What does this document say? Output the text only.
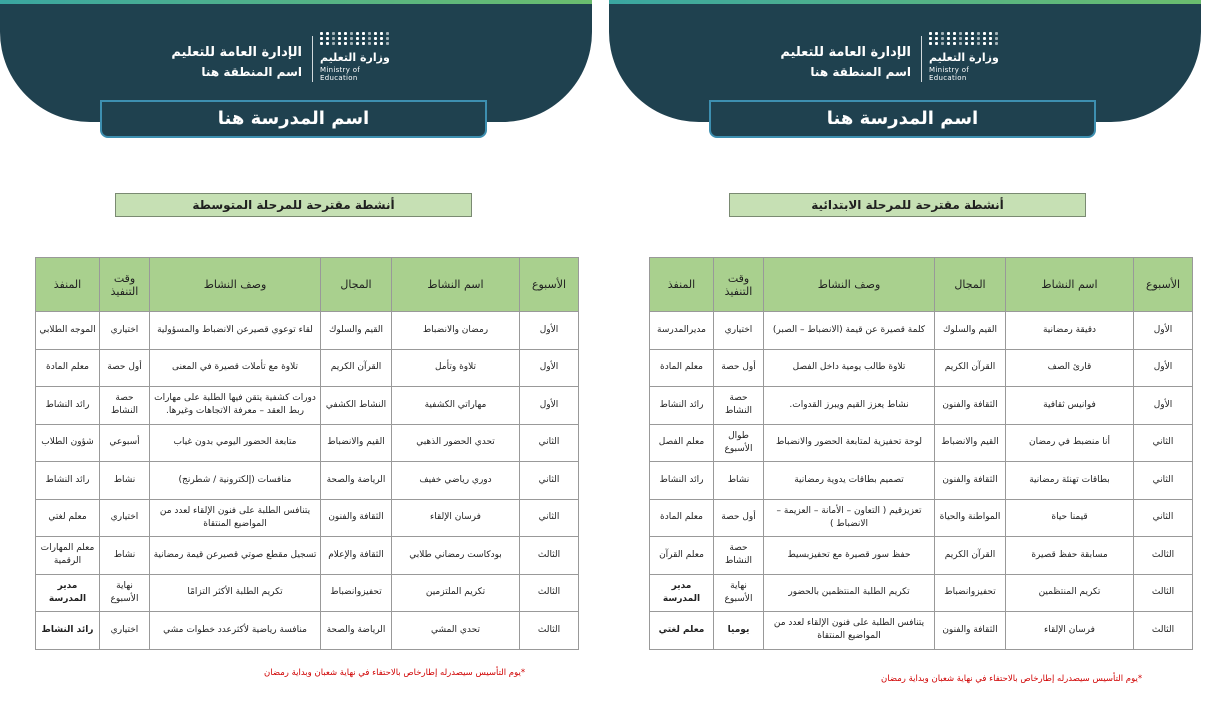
الإدارة العامة للتعليم
اسم المنطقة هنا
وزارة التعليم
Ministry of Education
اسم المدرسة هنا
أنشطة مقترحة للمرحلة المتوسطة
الأسبوع	اسم النشاط	المجال	وصف النشاط	وقت التنفيذ	المنفذ
الأول	رمضان والانضباط	القيم والسلوك	لقاء توعوي قصيرعن الانضباط والمسؤولية	اختياري	الموجه الطلابي
الأول	تلاوة وتأمل	القرآن الكريم	تلاوة مع تأملات قصيرة في المعنى	أول حصة	معلم المادة
الأول	مهاراتي الكشفية	النشاط الكشفي	دورات كشفية يتقن فيها الطلبة على مهارات ربط العقد – معرفة الاتجاهات وغيرها.	حصة النشاط	رائد النشاط
الثاني	تحدي الحضور الذهبي	القيم والانضباط	متابعة الحضور اليومي بدون غياب	أسبوعي	شؤون الطلاب
الثاني	دوري رياضي خفيف	الرياضة والصحة	منافسات (إلكترونية / شطرنج)	نشاط	رائد النشاط
الثاني	فرسان الإلقاء	الثقافة والفنون	يتنافس الطلبة على فنون الإلقاء لعدد من المواضيع المنتقاة	اختياري	معلم لغتي
الثالث	بودكاست رمضاني طلابي	الثقافة والإعلام	تسجيل مقطع صوتي قصيرعن قيمة رمضانية	نشاط	معلم المهارات الرقمية
الثالث	تكريم الملتزمين	تحفيزوانضباط	تكريم الطلبة الأكثر التزامًا	نهاية الأسبوع	مدير المدرسة
الثالث	تحدي المشي	الرياضة والصحة	منافسة رياضية لأكثرعدد خطوات مشي	اختياري	رائد النشاط
*يوم التأسيس سيصدرله إطارخاص بالاحتفاء في نهاية شعبان وبداية رمضان
الإدارة العامة للتعليم
اسم المنطقة هنا
وزارة التعليم
Ministry of Education
اسم المدرسة هنا
أنشطة مقترحة للمرحلة الابتدائية
الأسبوع	اسم النشاط	المجال	وصف النشاط	وقت التنفيذ	المنفذ
الأول	دقيقة رمضانية	القيم والسلوك	كلمة قصيرة عن قيمة (الانضباط – الصبر)	اختياري	مديرالمدرسة
الأول	قارئ الصف	القرآن الكريم	تلاوة طالب يومية داخل الفصل	أول حصة	معلم المادة
الأول	فوانيس ثقافية	الثقافة والفنون	نشاط يعزز القيم ويبرز القدوات.	حصة النشاط	رائد النشاط
الثاني	أنا منضبط في رمضان	القيم والانضباط	لوحة تحفيزية لمتابعة الحضور والانضباط	طوال الأسبوع	معلم الفصل
الثاني	بطاقات تهنئة رمضانية	الثقافة والفنون	تصميم بطاقات يدوية رمضانية	نشاط	رائد النشاط
الثاني	قيمنا حياة	المواطنة والحياة	تعزيزقيم ( التعاون – الأمانة – العزيمة – الانضباط )	أول حصة	معلم المادة
الثالث	مسابقة حفظ قصيرة	القرآن الكريم	حفظ سور قصيرة مع تحفيزبسيط	حصة النشاط	معلم القرآن
الثالث	تكريم المنتظمين	تحفيزوانضباط	تكريم الطلبة المنتظمين بالحضور	نهاية الأسبوع	مدير المدرسة
الثالث	فرسان الإلقاء	الثقافة والفنون	يتنافس الطلبة على فنون الإلقاء لعدد من المواضيع المنتقاة	يوميا	معلم لغتي
*يوم التأسيس سيصدرله إطارخاص بالاحتفاء في نهاية شعبان وبداية رمضان
